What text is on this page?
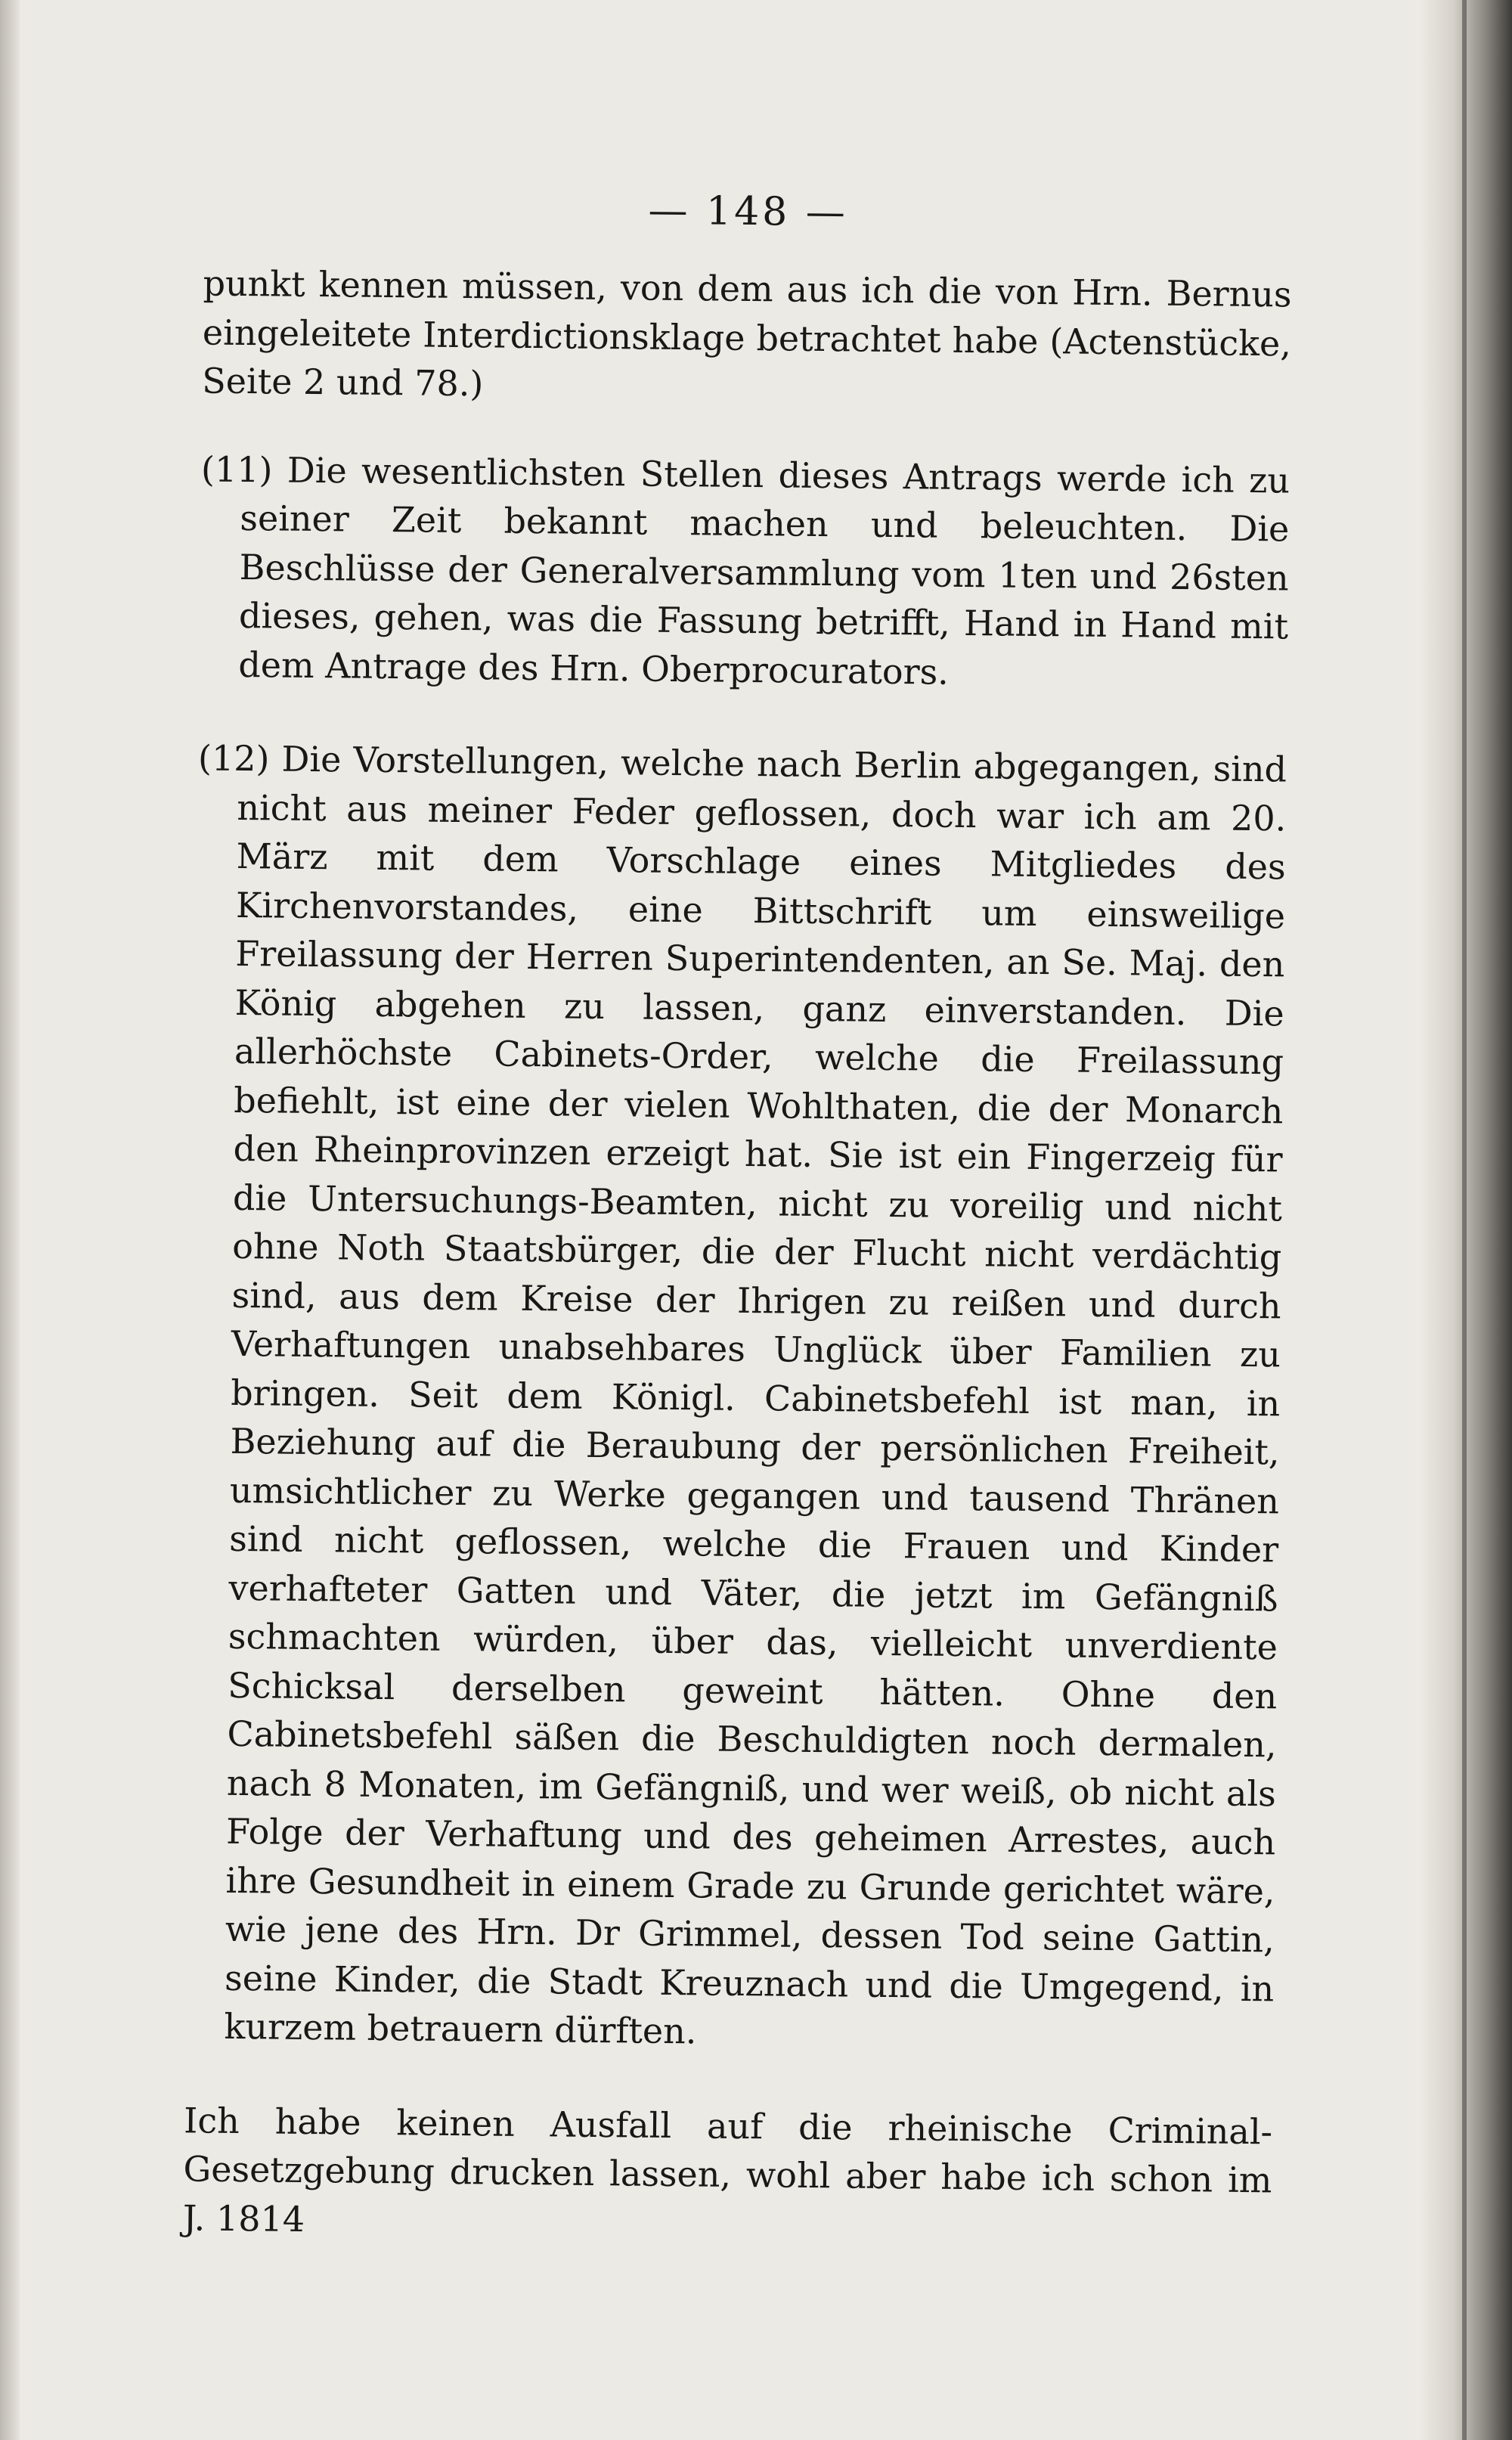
— 148 —

punkt kennen müssen, von dem aus ich die von Hrn. Bernus eingeleitete Interdictionsklage betrachtet habe (Actenstücke, Seite 2 und 78.)

(11) Die wesentlichsten Stellen dieses Antrags werde ich zu seiner Zeit bekannt machen und beleuchten. Die Beschlüsse der Generalversammlung vom 1ten und 26sten dieses, gehen, was die Fassung betrifft, Hand in Hand mit dem Antrage des Hrn. Oberprocurators.

(12) Die Vorstellungen, welche nach Berlin abgegangen, sind nicht aus meiner Feder geflossen, doch war ich am 20. März mit dem Vorschlage eines Mitgliedes des Kirchenvorstandes, eine Bittschrift um einsweilige Freilassung der Herren Superintendenten, an Se. Maj. den König abgehen zu lassen, ganz einverstanden. Die allerhöchste Cabinets-Order, welche die Freilassung befiehlt, ist eine der vielen Wohlthaten, die der Monarch den Rheinprovinzen erzeigt hat. Sie ist ein Fingerzeig für die Untersuchungs-Beamten, nicht zu voreilig und nicht ohne Noth Staatsbürger, die der Flucht nicht verdächtig sind, aus dem Kreise der Ihrigen zu reißen und durch Verhaftungen unabsehbares Unglück über Familien zu bringen. Seit dem Königl. Cabinetsbefehl ist man, in Beziehung auf die Beraubung der persönlichen Freiheit, umsichtlicher zu Werke gegangen und tausend Thränen sind nicht geflossen, welche die Frauen und Kinder verhafteter Gatten und Väter, die jetzt im Gefängniß schmachten würden, über das, vielleicht unverdiente Schicksal derselben geweint hätten. Ohne den Cabinetsbefehl säßen die Beschuldigten noch dermalen, nach 8 Monaten, im Gefängniß, und wer weiß, ob nicht als Folge der Verhaftung und des geheimen Arrestes, auch ihre Gesundheit in einem Grade zu Grunde gerichtet wäre, wie jene des Hrn. Dr Grimmel, dessen Tod seine Gattin, seine Kinder, die Stadt Kreuznach und die Umgegend, in kurzem betrauern dürften.

Ich habe keinen Ausfall auf die rheinische Criminal-Gesetzgebung drucken lassen, wohl aber habe ich schon im J. 1814
